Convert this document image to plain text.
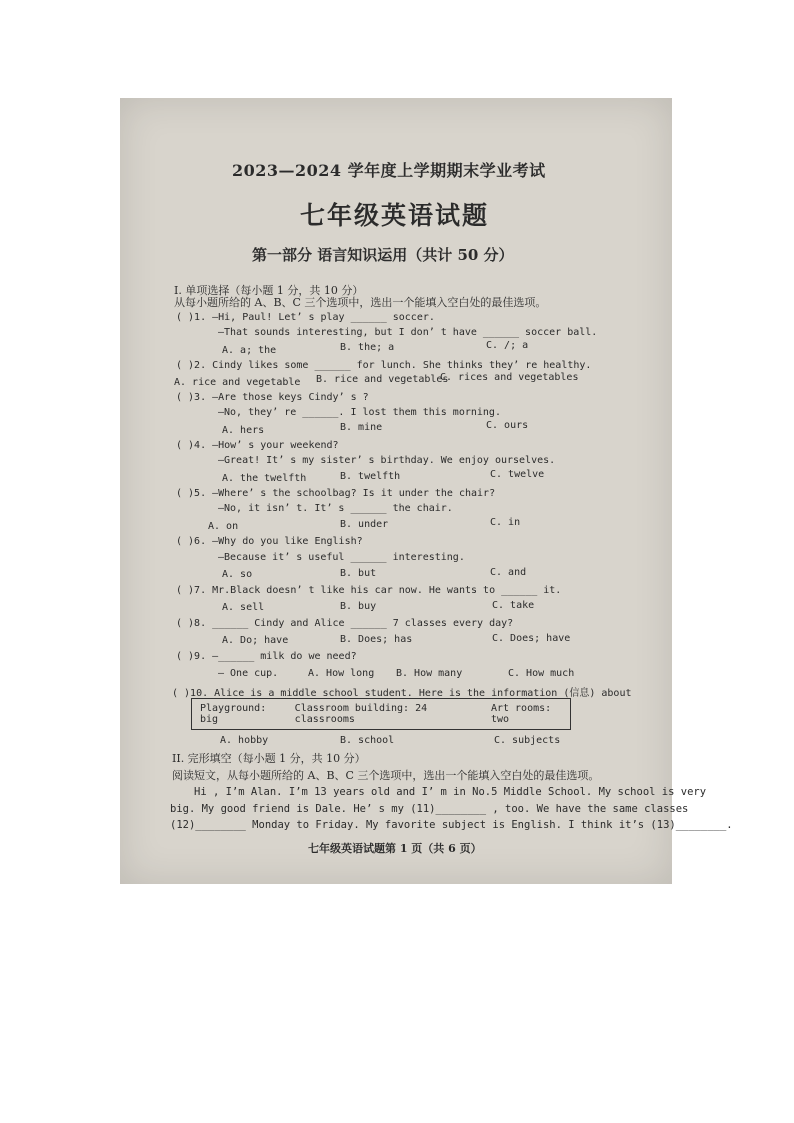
2023—2024 学年度上学期期末学业考试
七年级英语试题
第一部分 语言知识运用（共计 50 分）
I. 单项选择（每小题 1 分，共 10 分）
从每小题所给的 A、B、C 三个选项中，选出一个能填入空白处的最佳选项。
( )1. —Hi, Paul! Let’ s play ______ soccer.
—That sounds interesting, but I don’ t have ______ soccer ball.
A. a; the	B. the; a	C. /; a
( )2. Cindy likes some ______ for lunch. She thinks they’ re healthy.
A. rice and vegetable B. rice and vegetables
C. rices and vegetables
( )3. —Are those keys Cindy’ s ?
—No, they’ re ______. I lost them this morning.
A. hers	B. mine	C. ours
( )4. —How’ s your weekend?
—Great! It’ s my sister’ s birthday. We enjoy ourselves.
A. the twelfth	B. twelfth	C. twelve
( )5. —Where’ s the schoolbag? Is it under the chair?
—No, it isn’ t. It’ s ______ the chair.
A. on	B. under	C. in
( )6. —Why do you like English?
—Because it’ s useful ______ interesting.
A. so	B. but	C. and
( )7. Mr.Black doesn’ t like his car now. He wants to ______ it.
A. sell	B. buy	C. take
( )8. ______ Cindy and Alice ______ 7 classes every day?
A. Do; have	B. Does; has	C. Does; have
( )9. —______ milk do we need?
— One cup.	A. How long B. How many	C. How much
( )10. Alice is a middle school student. Here is the information (信息) about
Playground: big
Classroom building: 24 classrooms
Art rooms: two
A. hobby	B. school	C. subjects
II. 完形填空（每小题 1 分，共 10 分）
阅读短文，从每小题所给的 A、B、C 三个选项中，选出一个能填入空白处的最佳选项。
Hi , I’m Alan. I’m 13 years old and I’ m in No.5 Middle School. My school is very
big. My good friend is Dale. He’ s my (11)________ , too. We have the same classes
(12)________ Monday to Friday. My favorite subject is English. I think it’s (13)________.
七年级英语试题第 1 页（共 6 页）
